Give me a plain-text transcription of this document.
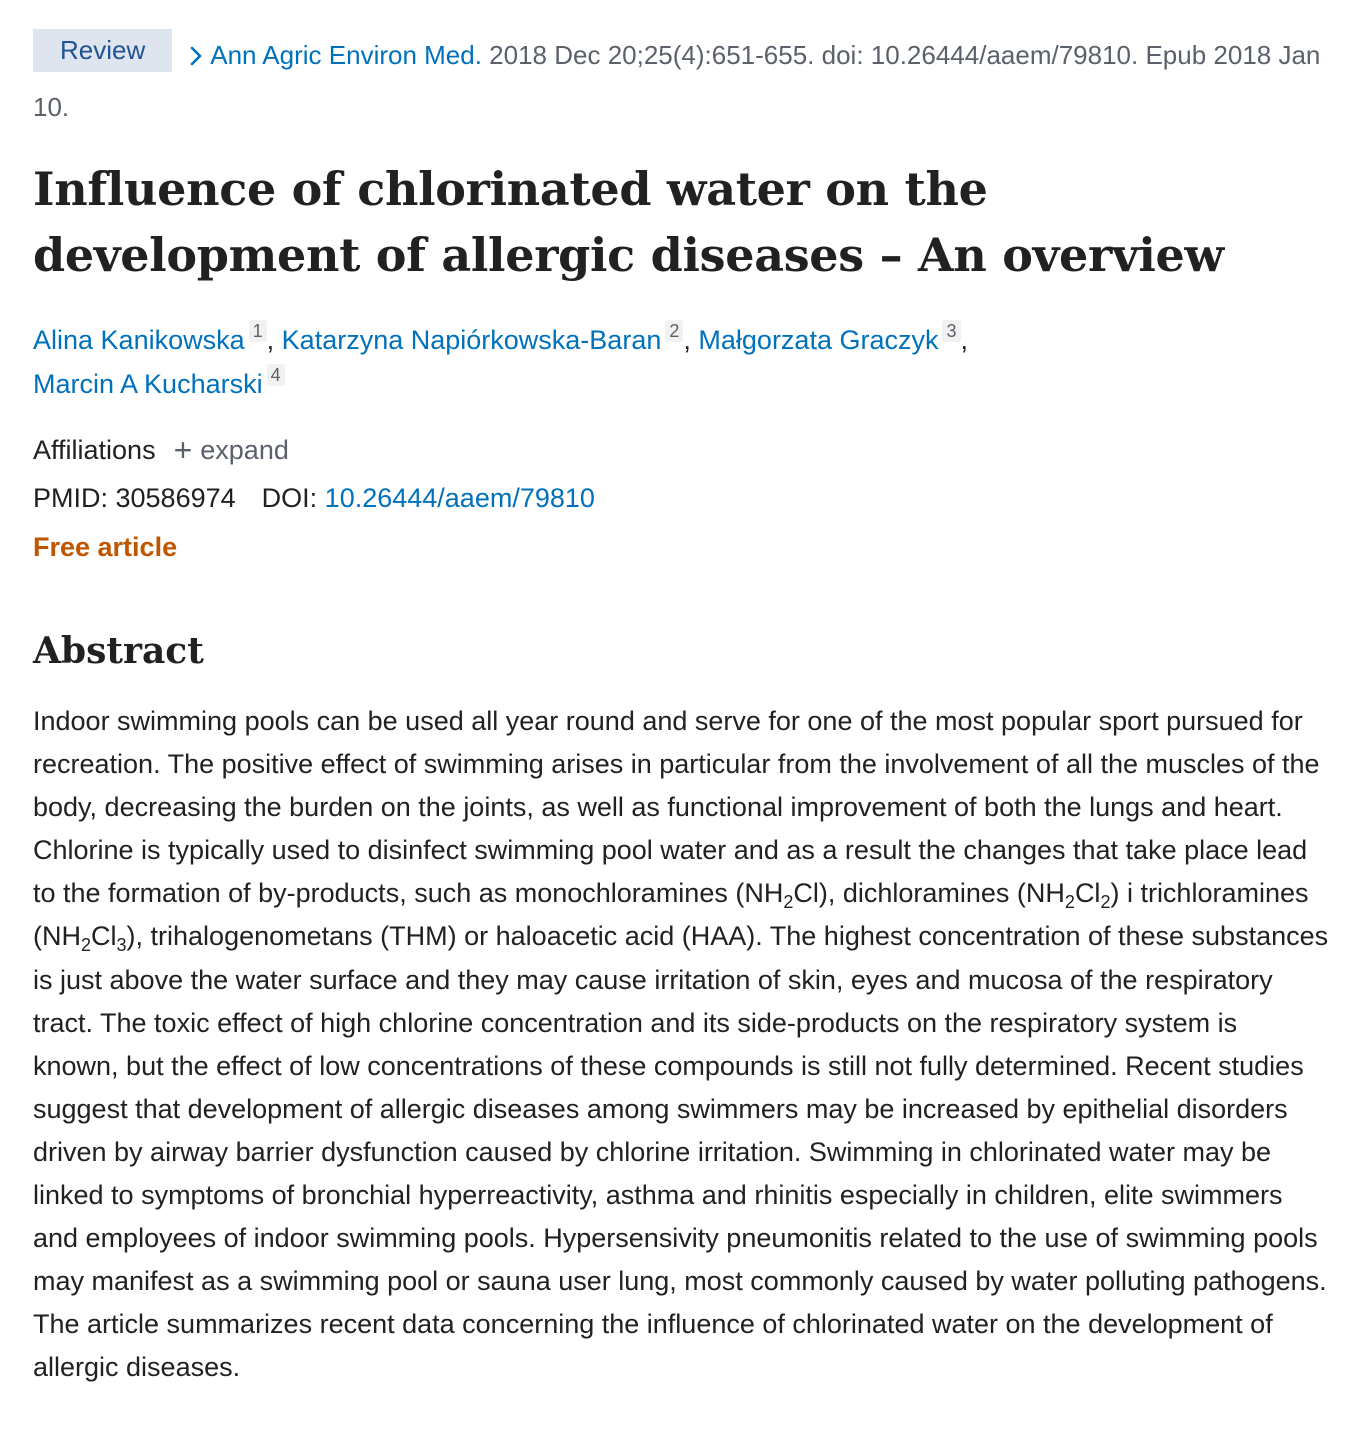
Review	Ann Agric Environ Med. 2018 Dec 20;25(4):651-655. doi: 10.26444/aaem/79810. Epub 2018 Jan 10.
Influence of chlorinated water on the development of allergic diseases – An overview
Alina Kanikowska 1 , Katarzyna Napiórkowska-Baran 2 , Małgorzata Graczyk 3 ,
Marcin A Kucharski 4
Affiliations + expand
PMID: 30586974 DOI: 10.26444/aaem/79810
Free article
Abstract

Indoor swimming pools can be used all year round and serve for one of the most popular sport pursued for recreation. The positive effect of swimming arises in particular from the involvement of all the muscles of the body, decreasing the burden on the joints, as well as functional improvement of both the lungs and heart. Chlorine is typically used to disinfect swimming pool water and as a result the changes that take place lead to the formation of by-products, such as monochloramines $(NH_2Cl)$, dichloramines $(NH_2Cl_2)$ i trichloramines $(NH_2Cl_3)$, trihalogenometans (THM) or haloacetic acid (HAA). The highest concentration of these substances is just above the water surface and they may cause irritation of skin, eyes and mucosa of the respiratory tract. The toxic effect of high chlorine concentration and its side-products on the respiratory system is known, but the effect of low concentrations of these compounds is still not fully determined. Recent studies suggest that development of allergic diseases among swimmers may be increased by epithelial disorders driven by airway barrier dysfunction caused by chlorine irritation. Swimming in chlorinated water may be linked to symptoms of bronchial hyperreactivity, asthma and rhinitis especially in children, elite swimmers and employees of indoor swimming pools. Hypersensivity pneumonitis related to the use of swimming pools may manifest as a swimming pool or sauna user lung, most commonly caused by water polluting pathogens. The article summarizes recent data concerning the influence of chlorinated water on the development of allergic diseases.
